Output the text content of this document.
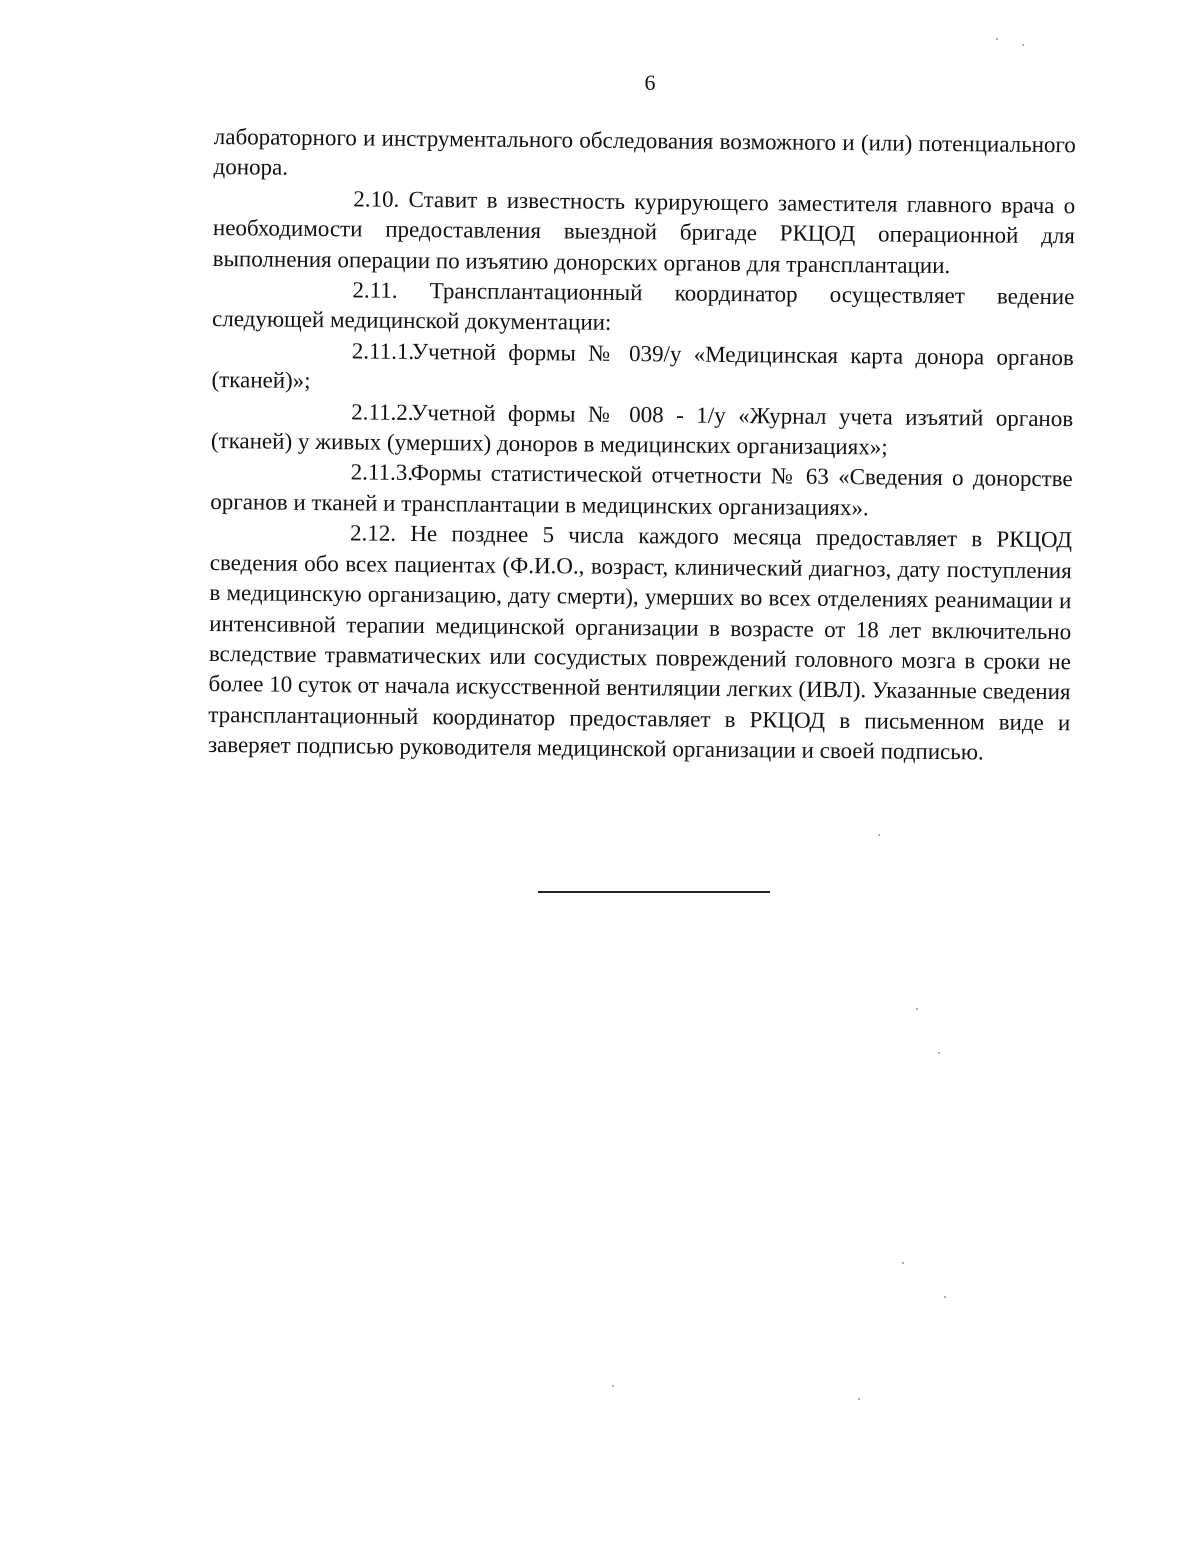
6

лабораторного и инструментального обследования возможного и (или) потенциального донора.

2.10. Ставит в известность курирующего заместителя главного врача о необходимости предоставления выездной бригаде РКЦОД операционной для выполнения операции по изъятию донорских органов для трансплантации.

2.11. Трансплантационный координатор осуществляет ведение следующей медицинской документации:

2.11.1.Учетной формы № 039/у «Медицинская карта донора органов (тканей)»;

2.11.2.Учетной формы № 008 - 1/у «Журнал учета изъятий органов (тканей) у живых (умерших) доноров в медицинских организациях»;

2.11.3.Формы статистической отчетности № 63 «Сведения о донорстве органов и тканей и трансплантации в медицинских организациях».

2.12. Не позднее 5 числа каждого месяца предоставляет в РКЦОД сведения обо всех пациентах (Ф.И.О., возраст, клинический диагноз, дату поступления в медицинскую организацию, дату смерти), умерших во всех отделениях реанимации и интенсивной терапии медицинской организации в возрасте от 18 лет включительно вследствие травматических или сосудистых повреждений головного мозга в сроки не более 10 суток от начала искусственной вентиляции легких (ИВЛ). Указанные сведения трансплантационный координатор предоставляет в РКЦОД в письменном виде и заверяет подписью руководителя медицинской организации и своей подписью.
